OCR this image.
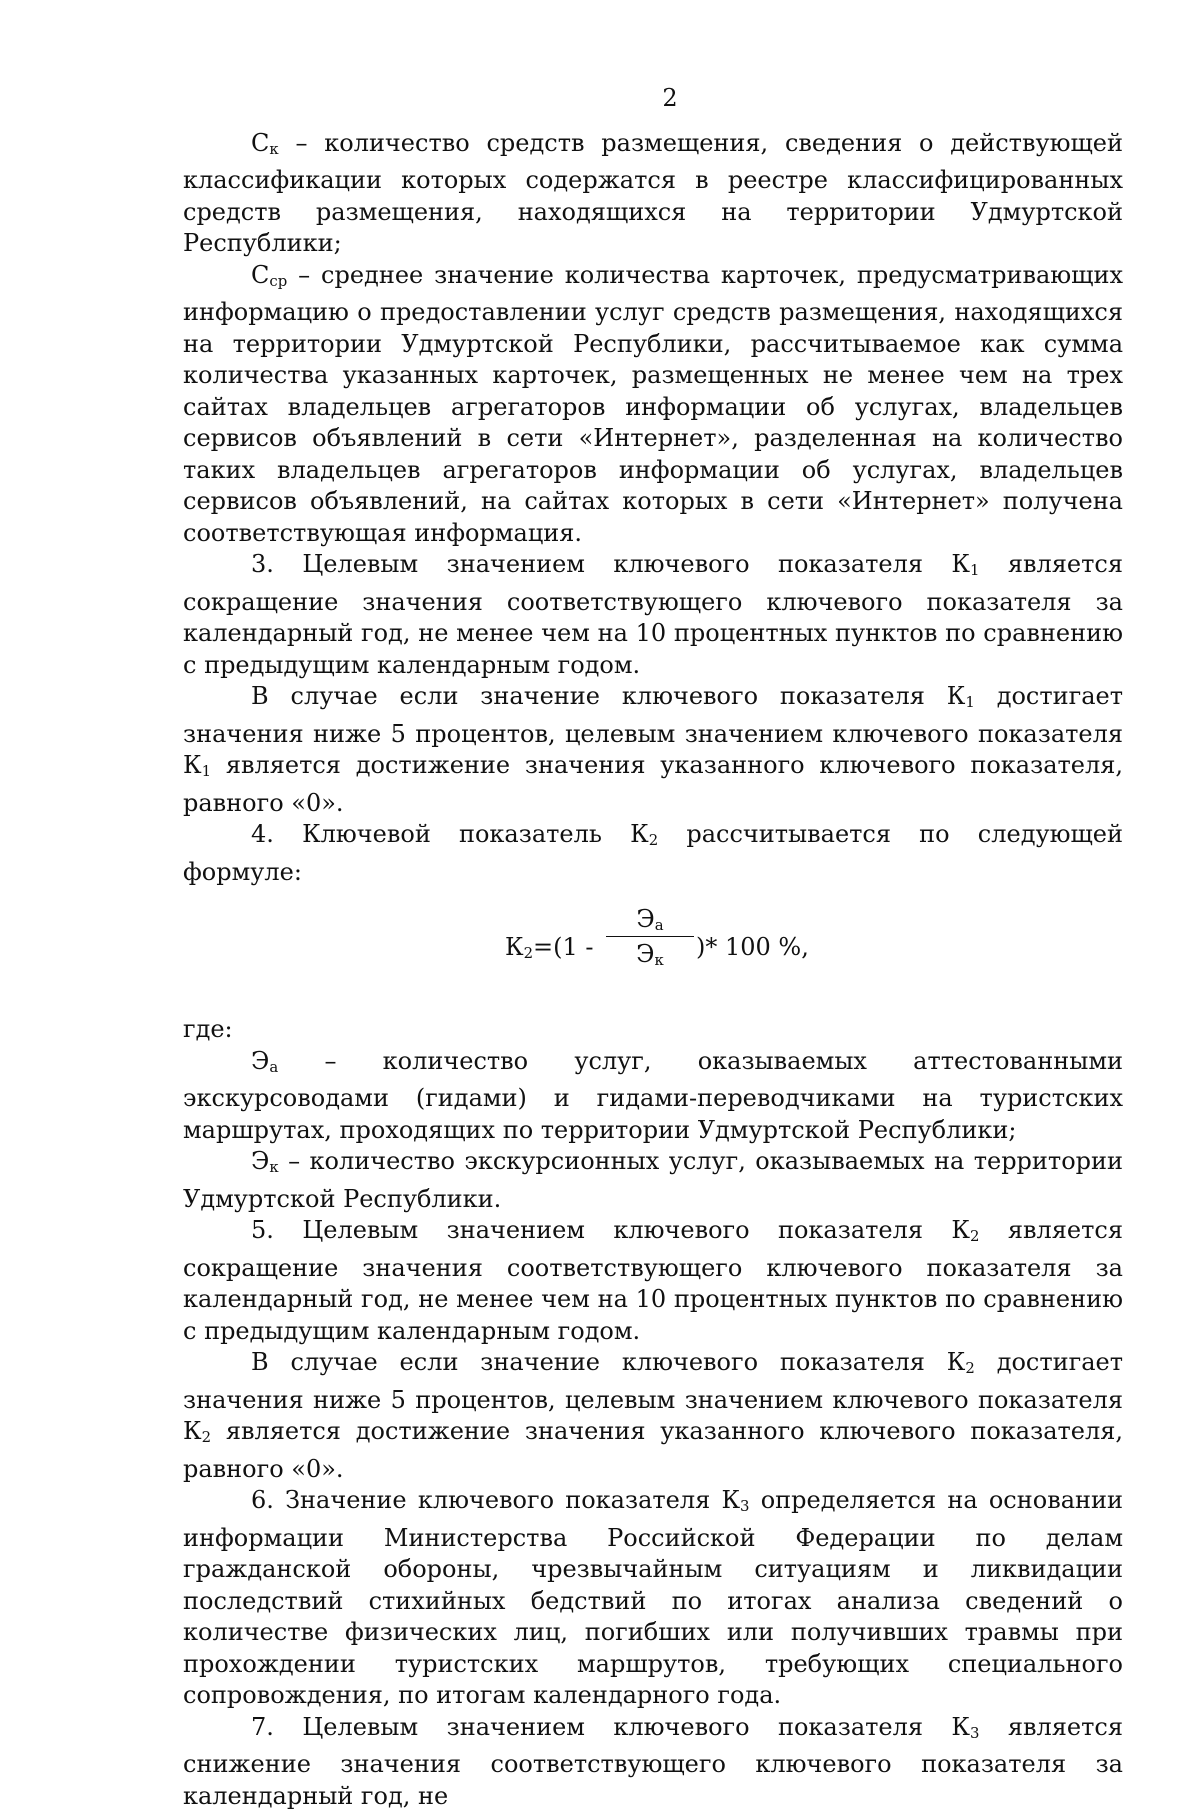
2

Ск – количество средств размещения, сведения о действующей классификации которых содержатся в реестре классифицированных средств размещения, находящихся на территории Удмуртской Республики;

Сср – среднее значение количества карточек, предусматривающих информацию о предоставлении услуг средств размещения, находящихся на территории Удмуртской Республики, рассчитываемое как сумма количества указанных карточек, размещенных не менее чем на трех сайтах владельцев агрегаторов информации об услугах, владельцев сервисов объявлений в сети «Интернет», разделенная на количество таких владельцев агрегаторов информации об услугах, владельцев сервисов объявлений, на сайтах которых в сети «Интернет» получена соответствующая информация.

3. Целевым значением ключевого показателя К1 является сокращение значения соответствующего ключевого показателя за календарный год, не менее чем на 10 процентных пунктов по сравнению с предыдущим календарным годом.

В случае если значение ключевого показателя К1 достигает значения ниже 5 процентов, целевым значением ключевого показателя К1 является достижение значения указанного ключевого показателя, равного «0».

4. Ключевой показатель К2 рассчитывается по следующей формуле:

К2=(1 -
Эа
Эк	)* 100 %,

где:

Эа – количество услуг, оказываемых аттестованными экскурсоводами (гидами) и гидами-переводчиками на туристских маршрутах, проходящих по территории Удмуртской Республики;

Эк – количество экскурсионных услуг, оказываемых на территории Удмуртской Республики.

5. Целевым значением ключевого показателя К2 является сокращение значения соответствующего ключевого показателя за календарный год, не менее чем на 10 процентных пунктов по сравнению с предыдущим календарным годом.

В случае если значение ключевого показателя К2 достигает значения ниже 5 процентов, целевым значением ключевого показателя К2 является достижение значения указанного ключевого показателя, равного «0».

6. Значение ключевого показателя К3 определяется на основании информации Министерства Российской Федерации по делам гражданской обороны, чрезвычайным ситуациям и ликвидации последствий стихийных бедствий по итогах анализа сведений о количестве физических лиц, погибших или получивших травмы при прохождении туристских маршрутов, требующих специального сопровождения, по итогам календарного года.

7. Целевым значением ключевого показателя К3 является снижение значения соответствующего ключевого показателя за календарный год, не
